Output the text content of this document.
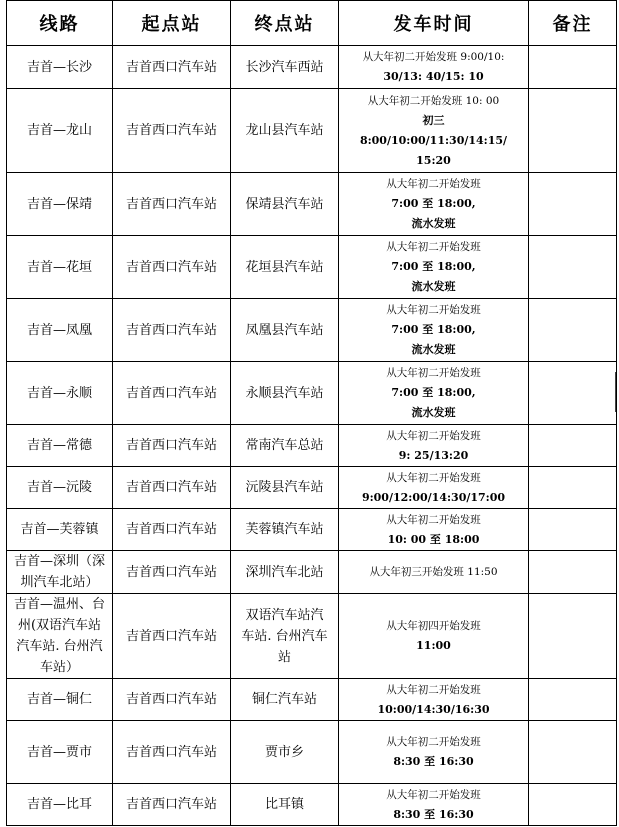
线路	起点站	终点站	发车时间	备注

吉首—长沙	吉首西口汽车站	长沙汽车西站	从大年初二开始发班 9:00/10:
30/13: 40/15: 10	

吉首—龙山	吉首西口汽车站	龙山县汽车站	从大年初二开始发班 10: 00
初三
8:00/10:00/11:30/14:15/
15:20	

吉首—保靖	吉首西口汽车站	保靖县汽车站	从大年初二开始发班
7:00 至 18:00,
流水发班	

吉首—花垣	吉首西口汽车站	花垣县汽车站	从大年初二开始发班
7:00 至 18:00,
流水发班	

吉首—凤凰	吉首西口汽车站	凤凰县汽车站	从大年初二开始发班
7:00 至 18:00,
流水发班	

吉首—永顺	吉首西口汽车站	永顺县汽车站	从大年初二开始发班
7:00 至 18:00,
流水发班	

吉首—常德	吉首西口汽车站	常南汽车总站	从大年初二开始发班
9: 25/13:20	

吉首—沅陵	吉首西口汽车站	沅陵县汽车站	从大年初二开始发班
9:00/12:00/14:30/17:00	

吉首—芙蓉镇	吉首西口汽车站	芙蓉镇汽车站	从大年初二开始发班
10: 00 至 18:00	

吉首—深圳（深
圳汽车北站）	吉首西口汽车站	深圳汽车北站	从大年初三开始发班 11:50	

吉首—温州、台
州(双语汽车站
汽车站. 台州汽
车站）	吉首西口汽车站	双语汽车站汽
车站. 台州汽车
站	从大年初四开始发班
11:00	

吉首—铜仁	吉首西口汽车站	铜仁汽车站	从大年初二开始发班
10:00/14:30/16:30	

吉首—贾市	吉首西口汽车站	贾市乡	从大年初二开始发班
8:30 至 16:30	

吉首—比耳	吉首西口汽车站	比耳镇	从大年初二开始发班
8:30 至 16:30	
